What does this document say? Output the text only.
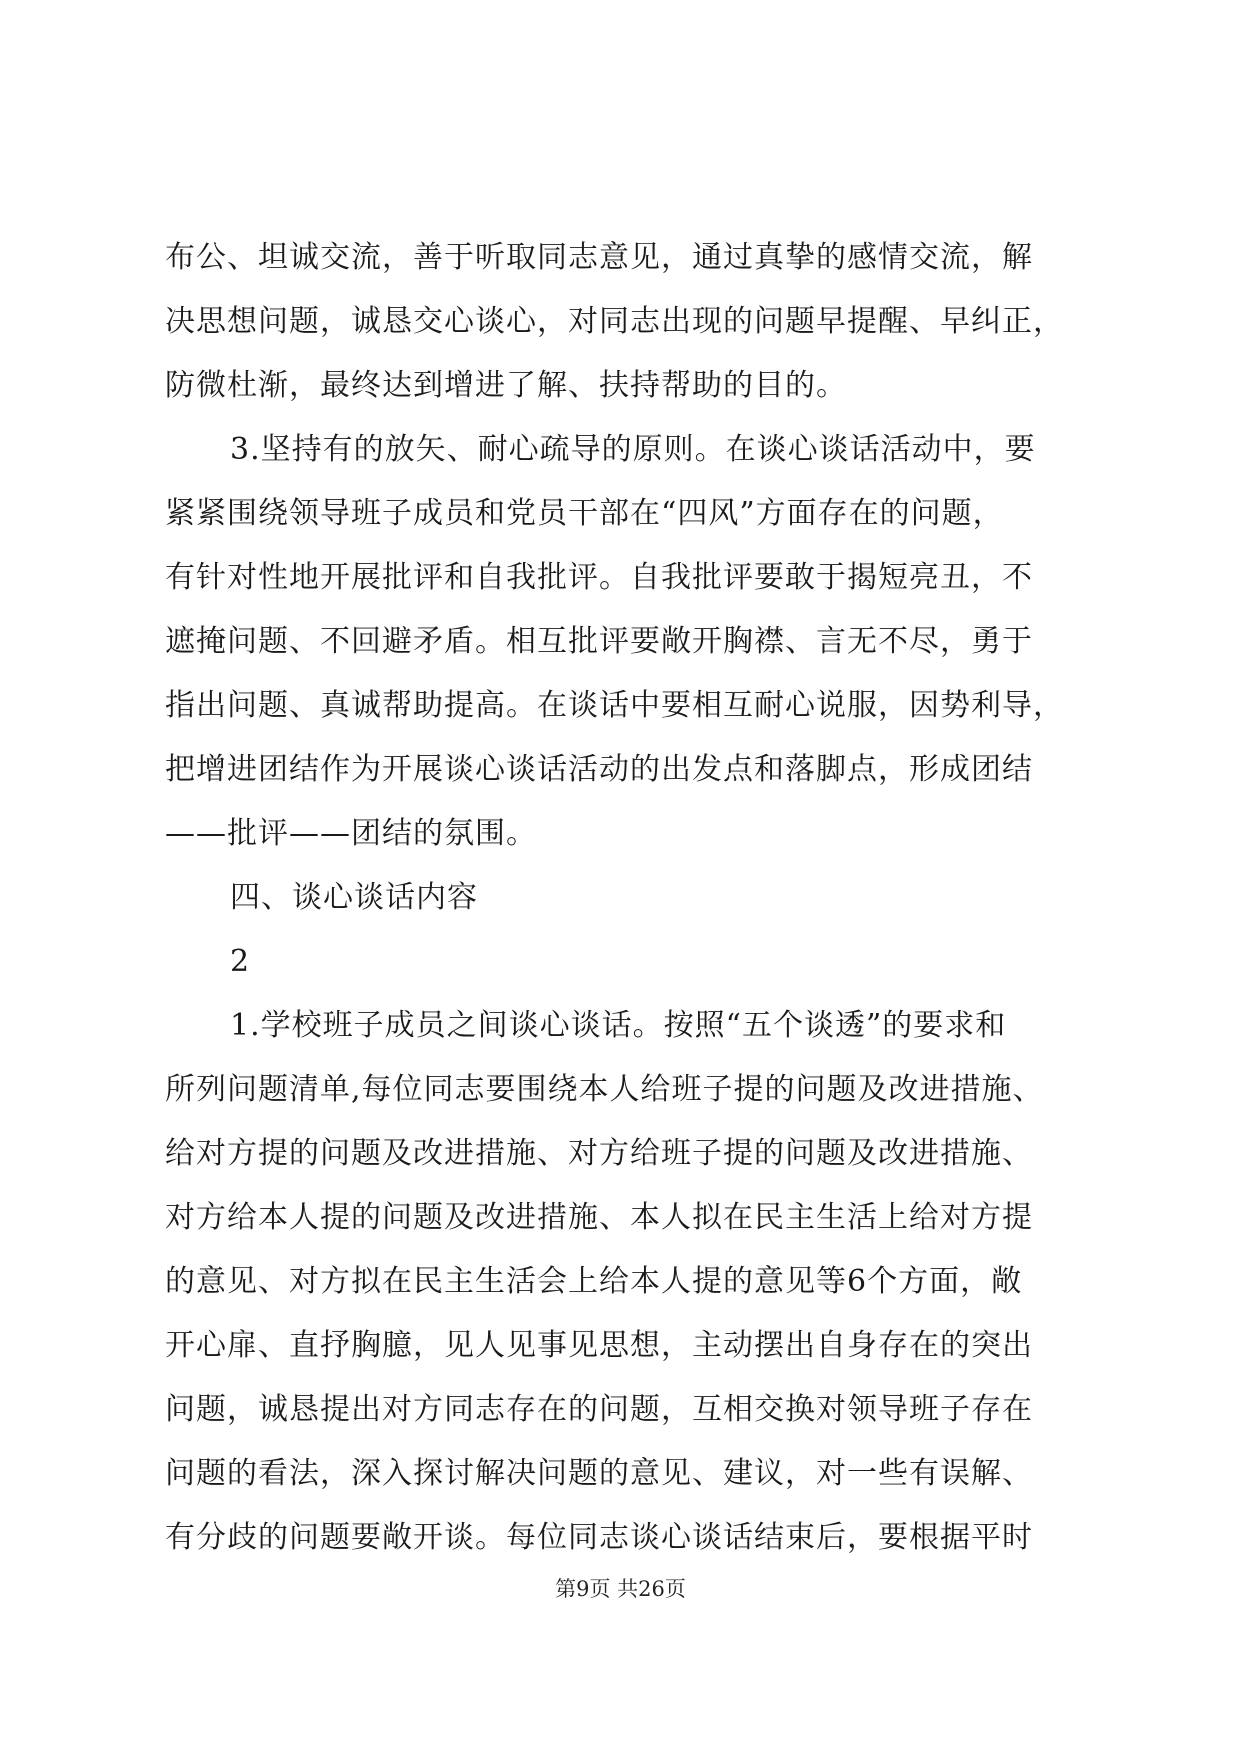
布公、坦诚交流，善于听取同志意见，通过真挚的感情交流，解
决思想问题，诚恳交心谈心，对同志出现的问题早提醒、早纠正，
防微杜渐，最终达到增进了解、扶持帮助的目的。
3.坚持有的放矢、耐心疏导的原则。在谈心谈话活动中，要
紧紧围绕领导班子成员和党员干部在“四风”方面存在的问题，
有针对性地开展批评和自我批评。自我批评要敢于揭短亮丑，不
遮掩问题、不回避矛盾。相互批评要敞开胸襟、言无不尽，勇于
指出问题、真诚帮助提高。在谈话中要相互耐心说服，因势利导，
把增进团结作为开展谈心谈话活动的出发点和落脚点，形成团结
——批评——团结的氛围。
四、谈心谈话内容
2
1.学校班子成员之间谈心谈话。按照“五个谈透”的要求和
所列问题清单,每位同志要围绕本人给班子提的问题及改进措施、
给对方提的问题及改进措施、对方给班子提的问题及改进措施、
对方给本人提的问题及改进措施、本人拟在民主生活上给对方提
的意见、对方拟在民主生活会上给本人提的意见等6个方面，敞
开心扉、直抒胸臆，见人见事见思想，主动摆出自身存在的突出
问题，诚恳提出对方同志存在的问题，互相交换对领导班子存在
问题的看法，深入探讨解决问题的意见、建议，对一些有误解、
有分歧的问题要敞开谈。每位同志谈心谈话结束后，要根据平时
第9页 共26页
